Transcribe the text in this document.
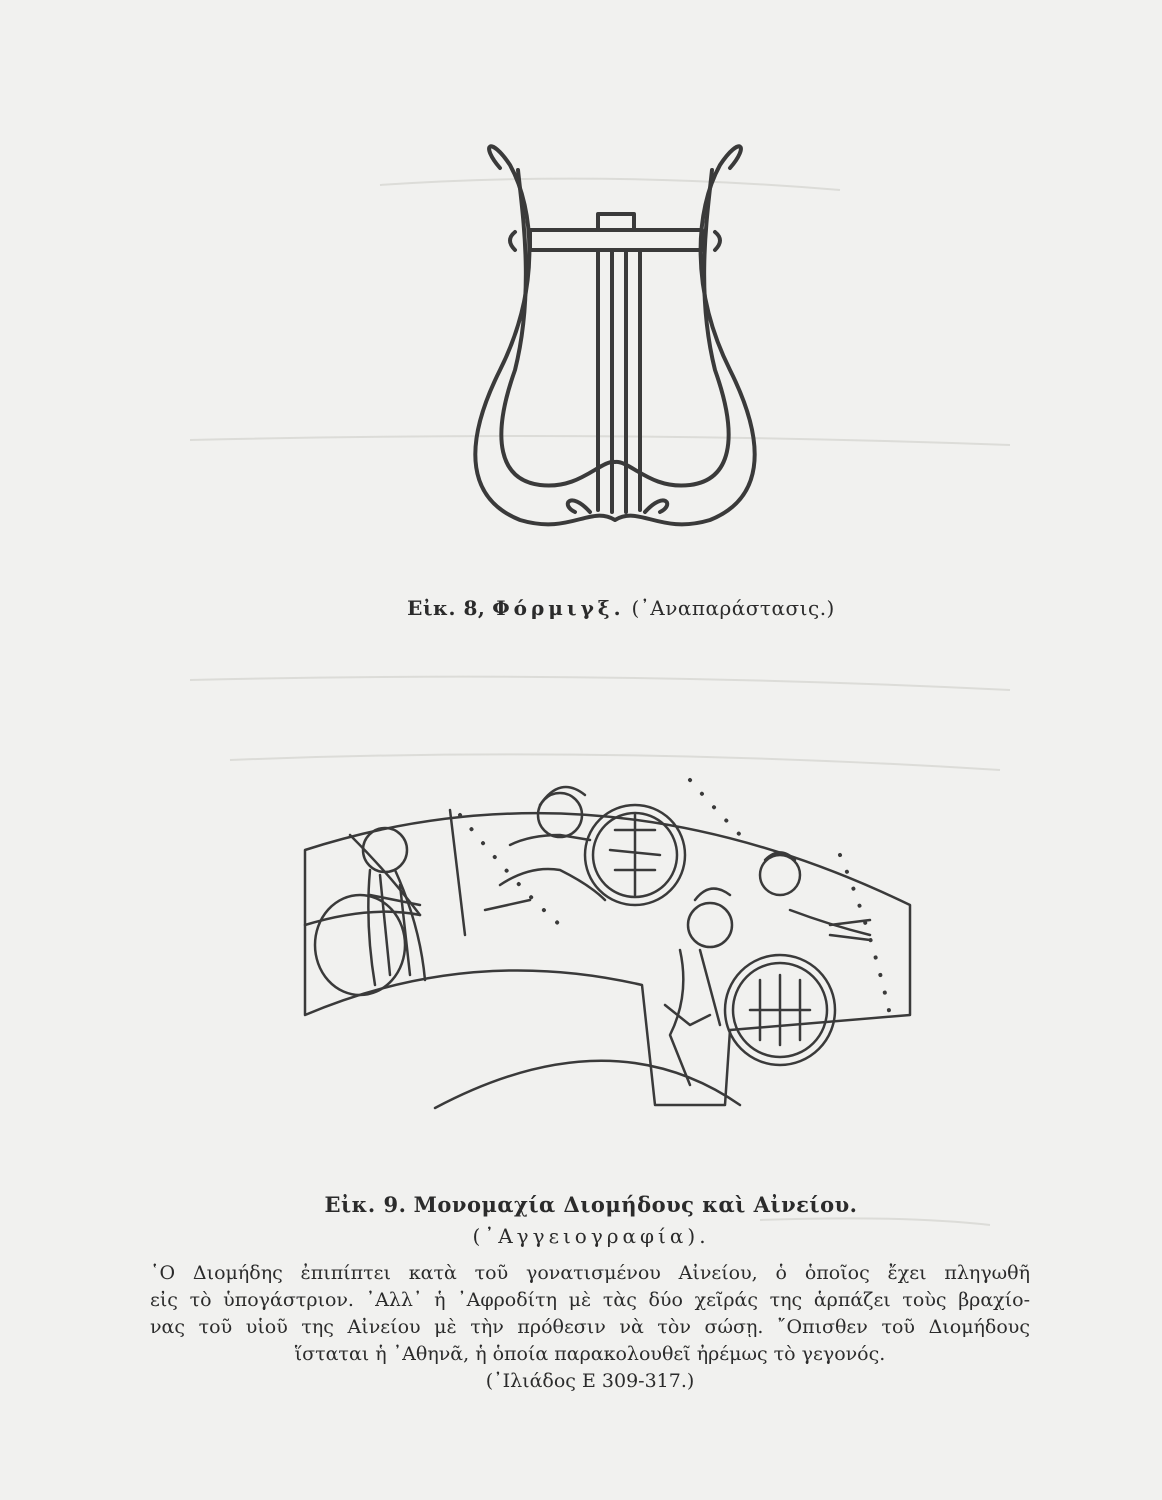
Εἰκ. 8, Φόρμιγξ. (᾿Αναπαράστασις.)
Εἰκ. 9. Μονομαχία Διομήδους καὶ Αἰνείου.
(᾿Αγγειογραφία).

῾Ο Διομήδης ἐπιπίπτει κατὰ τοῦ γονατισμένου Αἰνείου, ὁ ὁποῖος ἔχει πληγωθῆ

εἰς τὸ ὑπογάστριον. ᾿Αλλ᾿ ἡ ᾿Αφροδίτη μὲ τὰς δύο χεῖράς της ἁρπάζει τοὺς βραχίο-

νας τοῦ υἱοῦ της Αἰνείου μὲ τὴν πρόθεσιν νὰ τὸν σώσῃ. ῎Οπισθεν τοῦ Διομήδους

ἵσταται ἡ ᾿Αθηνᾶ, ἡ ὁποία παρακολουθεῖ ἠρέμως τὸ γεγονός.

(᾿Ιλιάδος Ε 309-317.)
